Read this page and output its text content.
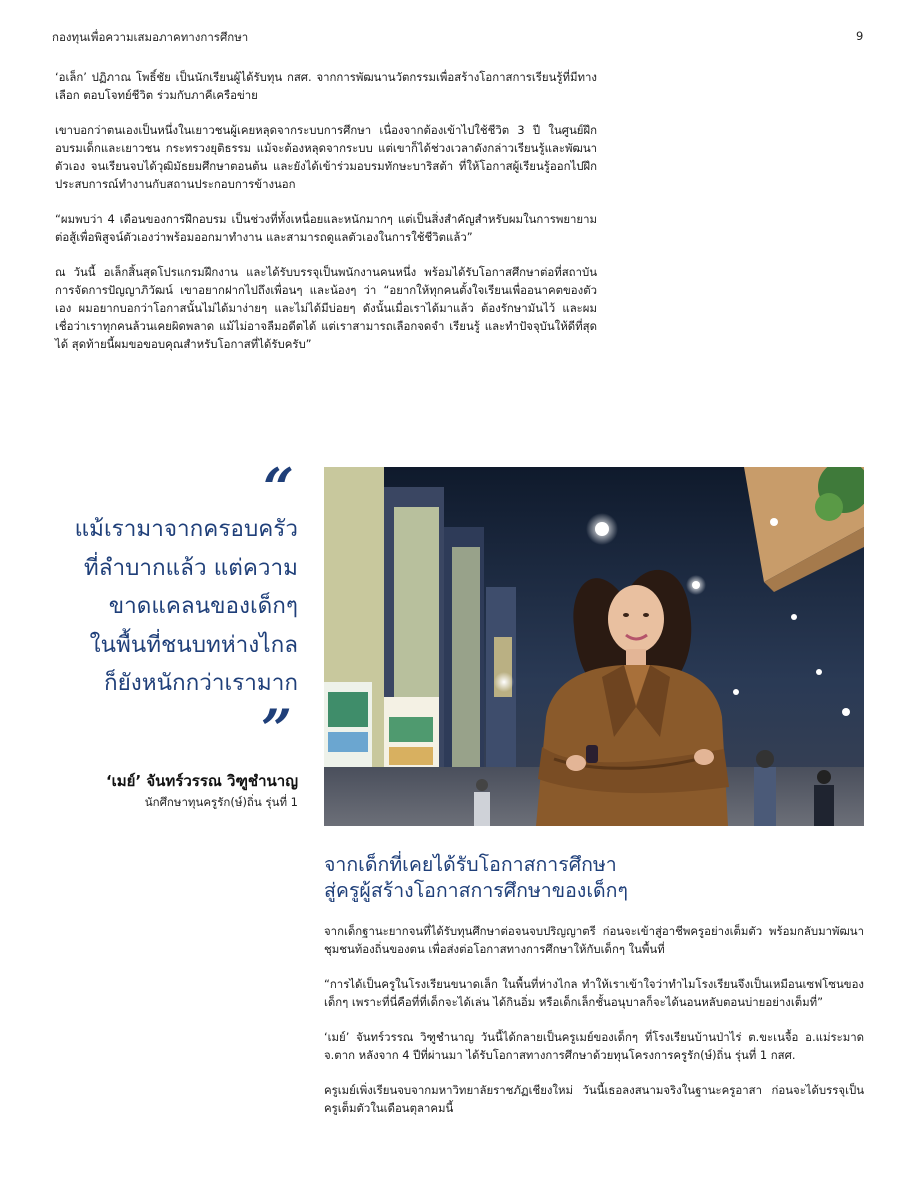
กองทุนเพื่อความเสมอภาคทางการศึกษา	9

‘อเล็ก’ ปฏิภาณ โพธิ์ชัย เป็นนักเรียนผู้ได้รับทุน กสศ. จากการพัฒนานวัตกรรมเพื่อสร้างโอกาสการเรียนรู้ที่มีทางเลือก ตอบโจทย์ชีวิต ร่วมกับภาคีเครือข่าย

เขาบอกว่าตนเองเป็นหนึ่งในเยาวชนผู้เคยหลุดจากระบบการศึกษา เนื่องจากต้องเข้าไปใช้ชีวิต 3 ปี ในศูนย์ฝึกอบรมเด็กและเยาวชน กระทรวงยุติธรรม แม้จะต้องหลุดจากระบบ แต่เขาก็ได้ช่วงเวลาดังกล่าวเรียนรู้และพัฒนาตัวเอง จนเรียนจบได้วุฒิมัธยมศึกษาตอนต้น และยังได้เข้าร่วมอบรมทักษะบาริสต้า ที่ให้โอกาสผู้เรียนรู้ออกไปฝึกประสบการณ์ทำงานกับสถานประกอบการข้างนอก

“ผมพบว่า 4 เดือนของการฝึกอบรม เป็นช่วงที่ทั้งเหนื่อยและหนักมากๆ แต่เป็นสิ่งสำคัญสำหรับผมในการพยายามต่อสู้เพื่อพิสูจน์ตัวเองว่าพร้อมออกมาทำงาน และสามารถดูแลตัวเองในการใช้ชีวิตแล้ว”

ณ วันนี้ อเล็กสิ้นสุดโปรแกรมฝึกงาน และได้รับบรรจุเป็นพนักงานคนหนึ่ง พร้อมได้รับโอกาสศึกษาต่อที่สถาบันการจัดการปัญญาภิวัฒน์ เขาอยากฝากไปถึงเพื่อนๆ และน้องๆ ว่า “อยากให้ทุกคนตั้งใจเรียนเพื่ออนาคตของตัวเอง ผมอยากบอกว่าโอกาสนั้นไม่ได้มาง่ายๆ และไม่ได้มีบ่อยๆ ดังนั้นเมื่อเราได้มาแล้ว ต้องรักษามันไว้ และผมเชื่อว่าเราทุกคนล้วนเคยผิดพลาด แม้ไม่อาจลืมอดีตได้ แต่เราสามารถเลือกจดจำ เรียนรู้ และทำปัจจุบันให้ดีที่สุดได้ สุดท้ายนี้ผมขอขอบคุณสำหรับโอกาสที่ได้รับครับ”

“
แม้เรามาจากครอบครัว
ที่ลำบากแล้ว แต่ความ
ขาดแคลนของเด็กๆ
ในพื้นที่ชนบทห่างไกล
ก็ยังหนักกว่าเรามาก
”
‘เมย์’ จันทร์วรรณ วิฑูชำนาญ
นักศึกษาทุนครูรัก(ษ์)ถิ่น รุ่นที่ 1
จากเด็กที่เคยได้รับโอกาสการศึกษา
สู่ครูผู้สร้างโอกาสการศึกษาของเด็กๆ

จากเด็กฐานะยากจนที่ได้รับทุนศึกษาต่อจนจบปริญญาตรี ก่อนจะเข้าสู่อาชีพครูอย่างเต็มตัว พร้อมกลับมาพัฒนาชุมชนท้องถิ่นของตน เพื่อส่งต่อโอกาสทางการศึกษาให้กับเด็กๆ ในพื้นที่

“การได้เป็นครูในโรงเรียนขนาดเล็ก ในพื้นที่ห่างไกล ทำให้เราเข้าใจว่าทำไมโรงเรียนจึงเป็นเหมือนเซฟโซนของเด็กๆ เพราะที่นี่คือที่ที่เด็กจะได้เล่น ได้กินอิ่ม หรือเด็กเล็กชั้นอนุบาลก็จะได้นอนหลับตอนบ่ายอย่างเต็มที่”

‘เมย์’ จันทร์วรรณ วิฑูชำนาญ วันนี้ได้กลายเป็นครูเมย์ของเด็กๆ ที่โรงเรียนบ้านป่าไร่ ต.ขะเนจื้อ อ.แม่ระมาด จ.ตาก หลังจาก 4 ปีที่ผ่านมา ได้รับโอกาสทางการศึกษาด้วยทุนโครงการครูรัก(ษ์)ถิ่น รุ่นที่ 1 กสศ.

ครูเมย์เพิ่งเรียนจบจากมหาวิทยาลัยราชภัฏเชียงใหม่ วันนี้เธอลงสนามจริงในฐานะครูอาสา ก่อนจะได้บรรจุเป็นครูเต็มตัวในเดือนตุลาคมนี้
